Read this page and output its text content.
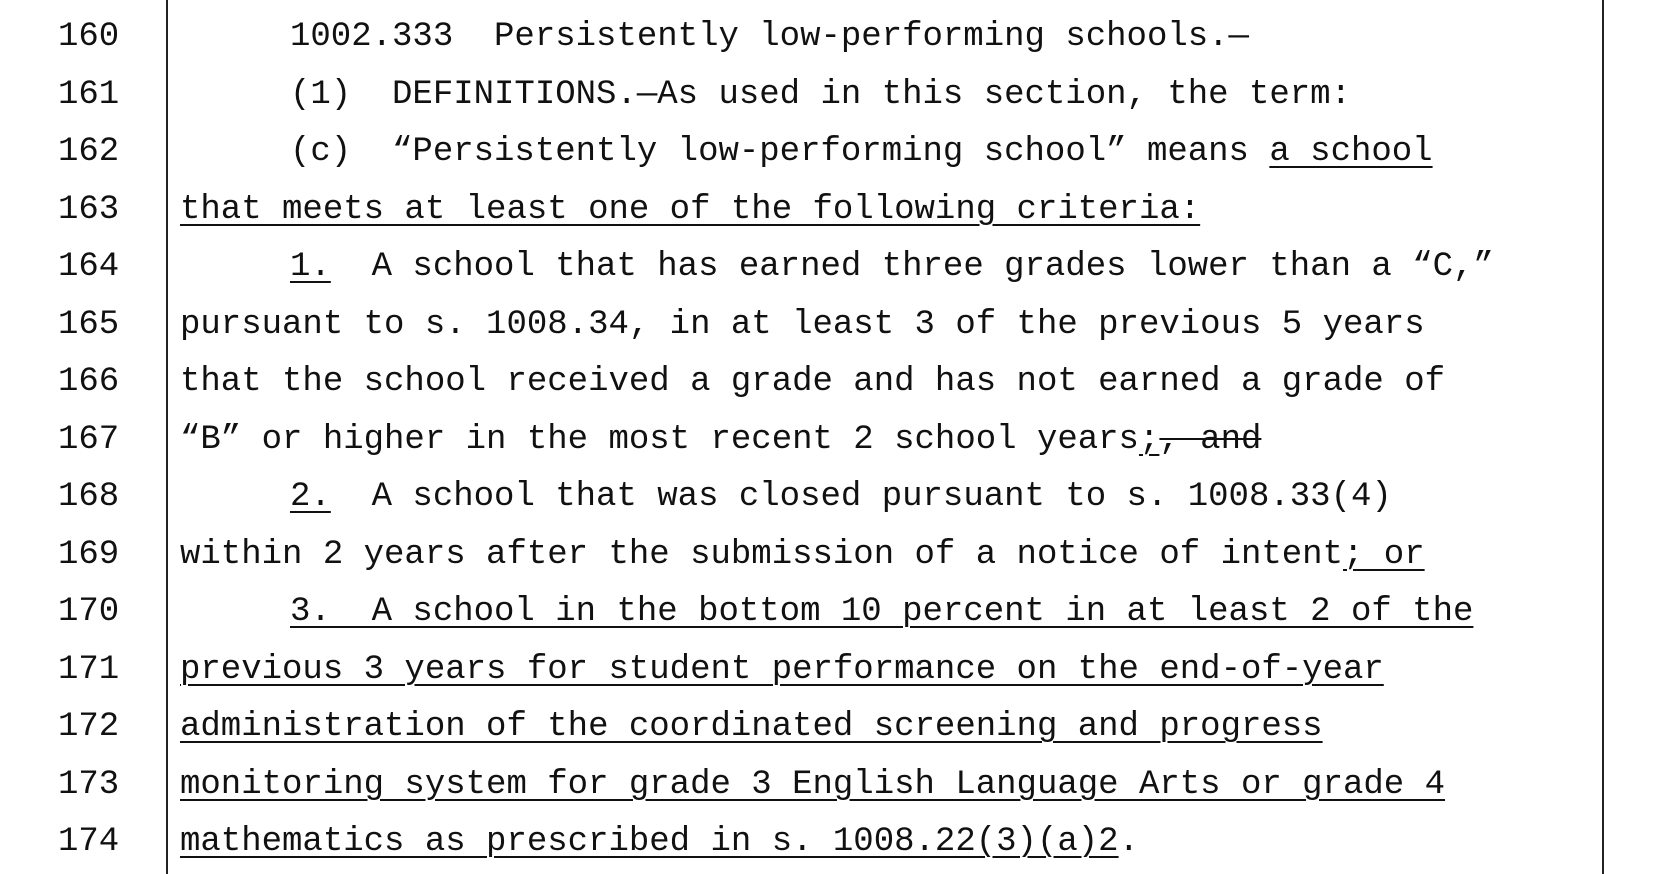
160	1002.333  Persistently low-performing schools.—
161	(1)  DEFINITIONS.—As used in this section, the term:
162	(c)  “Persistently low-performing school” means a school
163	that meets at least one of the following criteria:
164	1.  A school that has earned three grades lower than a “C,”
165	pursuant to s. 1008.34, in at least 3 of the previous 5 years
166	that the school received a grade and has not earned a grade of
167	“B” or higher in the most recent 2 school years;, and
168	2.  A school that was closed pursuant to s. 1008.33(4)
169	within 2 years after the submission of a notice of intent; or
170	3.  A school in the bottom 10 percent in at least 2 of the
171	previous 3 years for student performance on the end-of-year
172	administration of the coordinated screening and progress
173	monitoring system for grade 3 English Language Arts or grade 4
174	mathematics as prescribed in s. 1008.22(3)(a)2.
